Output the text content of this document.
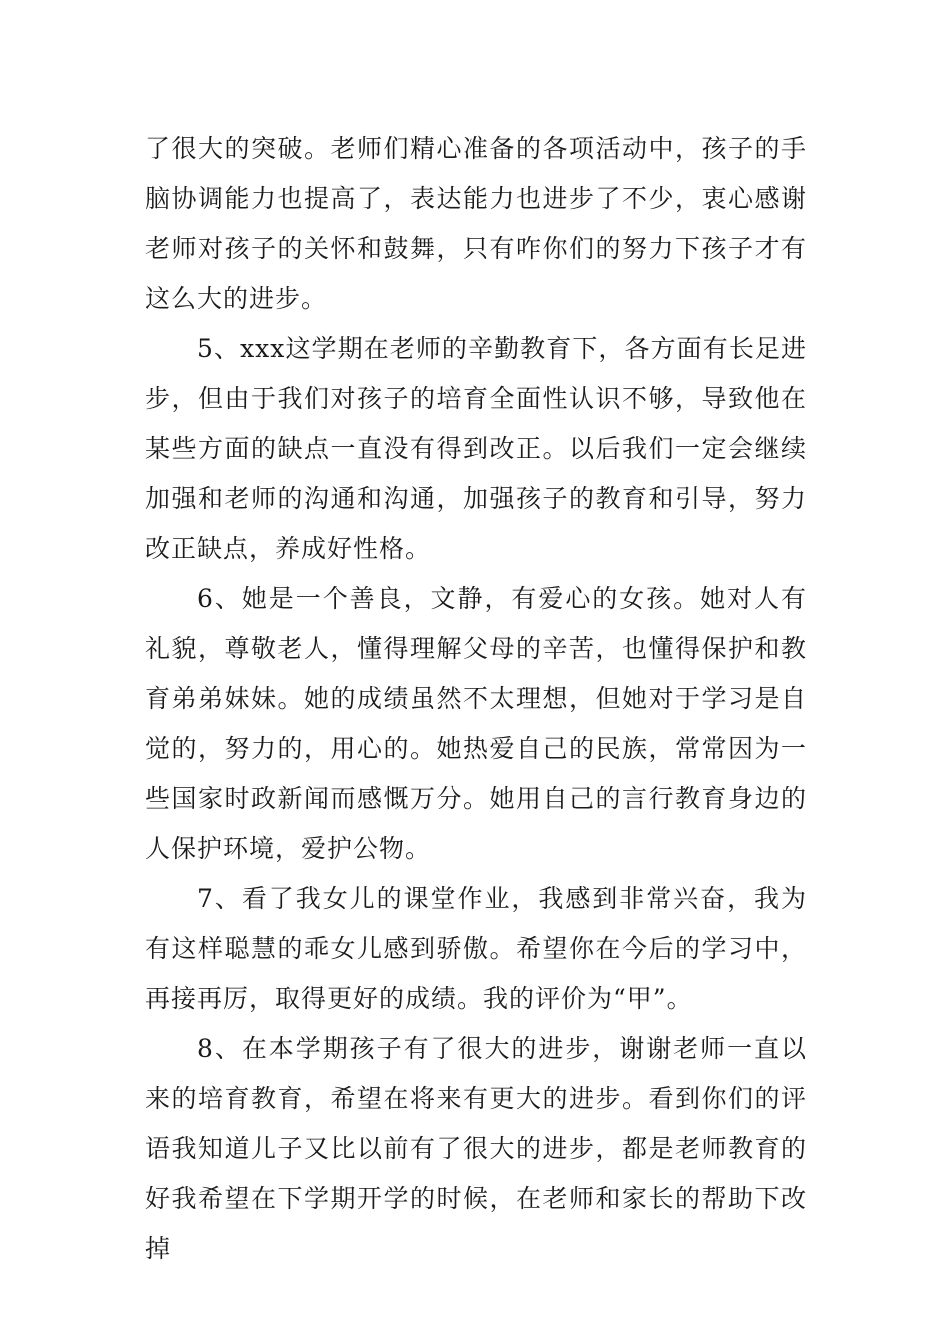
了很大的突破。老师们精心准备的各项活动中，孩子的手脑协调能力也提高了，表达能力也进步了不少，衷心感谢老师对孩子的关怀和鼓舞，只有咋你们的努力下孩子才有这么大的进步。

5、xxx这学期在老师的辛勤教育下，各方面有长足进步，但由于我们对孩子的培育全面性认识不够，导致他在某些方面的缺点一直没有得到改正。以后我们一定会继续加强和老师的沟通和沟通，加强孩子的教育和引导，努力改正缺点，养成好性格。

6、她是一个善良，文静，有爱心的女孩。她对人有礼貌，尊敬老人，懂得理解父母的辛苦，也懂得保护和教育弟弟妹妹。她的成绩虽然不太理想，但她对于学习是自觉的，努力的，用心的。她热爱自己的民族，常常因为一些国家时政新闻而感慨万分。她用自己的言行教育身边的人保护环境，爱护公物。

7、看了我女儿的课堂作业，我感到非常兴奋，我为有这样聪慧的乖女儿感到骄傲。希望你在今后的学习中，再接再厉，取得更好的成绩。我的评价为“甲”。

8、在本学期孩子有了很大的进步，谢谢老师一直以来的培育教育，希望在将来有更大的进步。看到你们的评语我知道儿子又比以前有了很大的进步，都是老师教育的好我希望在下学期开学的时候，在老师和家长的帮助下改掉
